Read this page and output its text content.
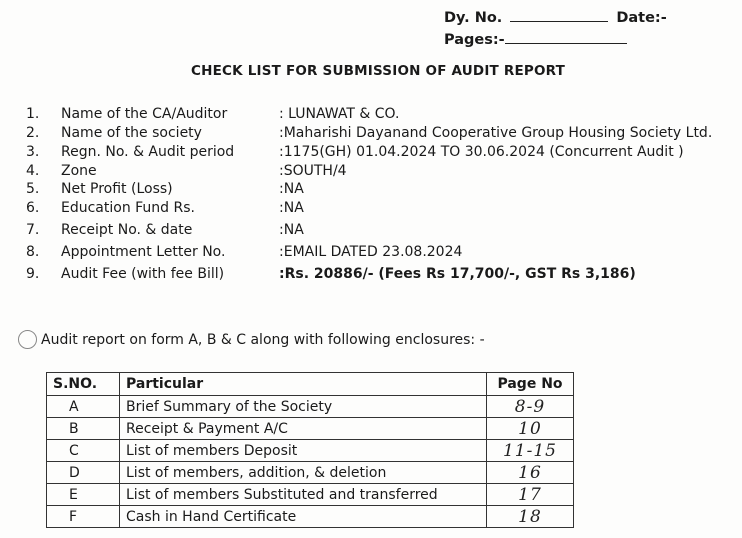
Dy. No.	Date:-
Pages:-
CHECK LIST FOR SUBMISSION OF AUDIT REPORT
1. Name of the CA/Auditor	: LUNAWAT & CO.
2. Name of the society	:Maharishi Dayanand Cooperative Group Housing Society Ltd.
3. Regn. No. & Audit period	:1175(GH) 01.04.2024 TO 30.06.2024 (Concurrent Audit )
4. Zone	:SOUTH/4
5. Net Profit (Loss)	:NA
6. Education Fund Rs.	:NA
7. Receipt No. & date	:NA
8. Appointment Letter No.	:EMAIL DATED 23.08.2024
9. Audit Fee (with fee Bill)	:Rs. 20886/- (Fees Rs 17,700/-, GST Rs 3,186)
Audit report on form A, B & C along with following enclosures: -
S.NO.	Particular	Page No
A	Brief Summary of the Society	8-9
B	Receipt & Payment A/C	10
C	List of members Deposit	11-15
D	List of members, addition, & deletion	16
E	List of members Substituted and transferred	17
F	Cash in Hand Certificate	18
